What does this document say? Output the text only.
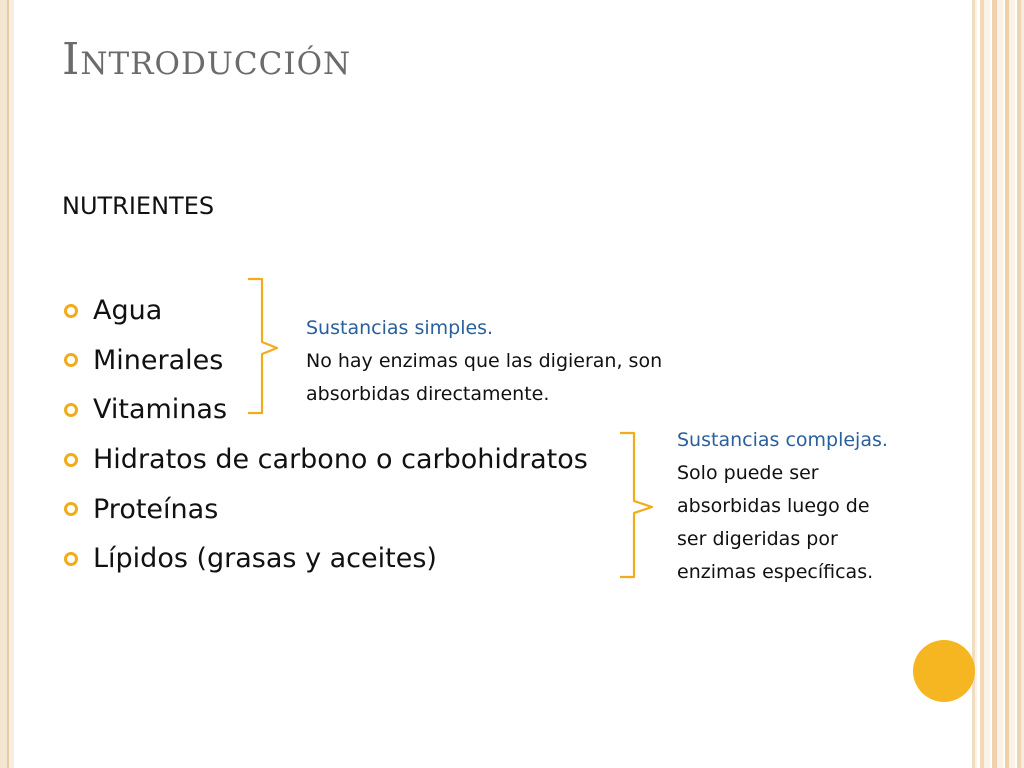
Introducción
NUTRIENTES
Agua
Minerales
Vitaminas
Hidratos de carbono o carbohidratos
Proteínas
Lípidos (grasas y aceites)
Sustancias simples.
No hay enzimas que las digieran, son
absorbidas directamente.
Sustancias complejas.
Solo puede ser
absorbidas luego de
ser digeridas por
enzimas específicas.
